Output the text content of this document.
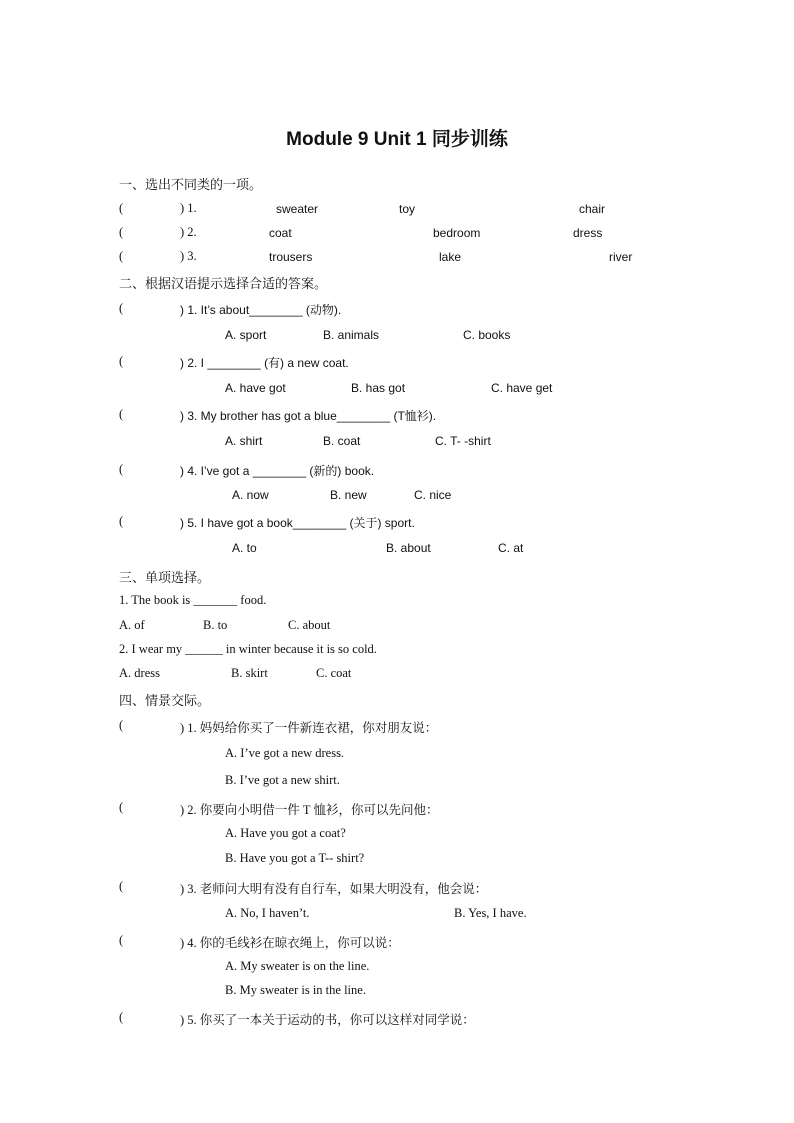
Module 9 Unit 1 同步训练
一、选出不同类的一项。
(	) 1.	sweater	toy	chair
(	) 2.	coat	bedroom	dress
(	) 3.	trousers	lake	river
二、根据汉语提示选择合适的答案。
(	) 1. It’s about________ (动物).
A. sport	B. animals	C. books
(	) 2. I ________ (有) a new coat.
A. have got	B. has got	C. have get
(	) 3. My brother has got a blue________ (T恤衫).
A. shirt	B. coat	C. T- -shirt
(	) 4. I’ve got a ________ (新的) book.
A. now	B. new	C. nice
(	) 5. I have got a book________ (关于) sport.
A. to	B. about	C. at
三、单项选择。
1. The book is _______ food.
A. of	B. to	C. about
2. I wear my ______ in winter because it is so cold.
A. dress	B. skirt	C. coat
四、情景交际。
(	) 1. 妈妈给你买了一件新连衣裙，你对朋友说：
A. I’ve got a new dress.
B. I’ve got a new shirt.
(	) 2. 你要向小明借一件 T 恤衫，你可以先问他：
A. Have you got a coat?
B. Have you got a T-- shirt?
(	) 3. 老师问大明有没有自行车，如果大明没有，他会说：
A. No, I haven’t.	B. Yes, I have.
(	) 4. 你的毛线衫在晾衣绳上，你可以说：
A. My sweater is on the line.
B. My sweater is in the line.
(	) 5. 你买了一本关于运动的书，你可以这样对同学说：
